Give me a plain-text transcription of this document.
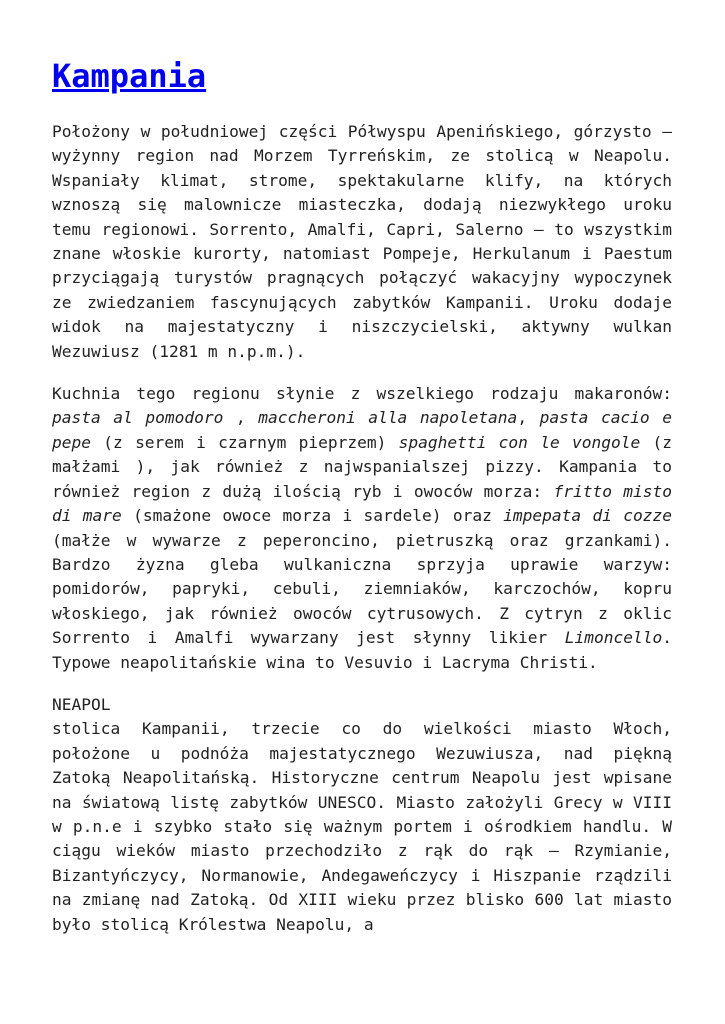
Kampania

Położony w południowej części Półwyspu Apenińskiego, górzysto – wyżynny region nad Morzem Tyrreńskim, ze stolicą w Neapolu. Wspaniały klimat, strome, spektakularne klify, na których wznoszą się malownicze miasteczka, dodają niezwykłego uroku temu regionowi. Sorrento, Amalfi, Capri, Salerno – to wszystkim znane włoskie kurorty, natomiast Pompeje, Herkulanum i Paestum przyciągają turystów pragnących połączyć wakacyjny wypoczynek ze zwiedzaniem fascynujących zabytków Kampanii. Uroku dodaje widok na majestatyczny i niszczycielski, aktywny wulkan Wezuwiusz (1281 m n.p.m.).

Kuchnia tego regionu słynie z wszelkiego rodzaju makaronów: pasta al pomodoro , maccheroni alla napoletana, pasta cacio e pepe (z serem i czarnym pieprzem) spaghetti con le vongole (z małżami ), jak również z najwspanialszej pizzy. Kampania to również region z dużą ilością ryb i owoców morza: fritto misto di mare (smażone owoce morza i sardele) oraz impepata di cozze (małże w wywarze z peperoncino, pietruszką oraz grzankami). Bardzo żyzna gleba wulkaniczna sprzyja uprawie warzyw: pomidorów, papryki, cebuli, ziemniaków, karczochów, kopru włoskiego, jak również owoców cytrusowych. Z cytryn z oklic Sorrento i Amalfi wywarzany jest słynny likier Limoncello. Typowe neapolitańskie wina to Vesuvio i Lacryma Christi.

NEAPOL

stolica Kampanii, trzecie co do wielkości miasto Włoch, położone u podnóża majestatycznego Wezuwiusza, nad piękną Zatoką Neapolitańską. Historyczne centrum Neapolu jest wpisane na światową listę zabytków UNESCO. Miasto założyli Grecy w VIII w p.n.e i szybko stało się ważnym portem i ośrodkiem handlu. W ciągu wieków miasto przechodziło z rąk do rąk – Rzymianie, Bizantyńczycy, Normanowie, Andegaweńczycy i Hiszpanie rządzili na zmianę nad Zatoką. Od XIII wieku przez blisko 600 lat miasto było stolicą Królestwa Neapolu, a
